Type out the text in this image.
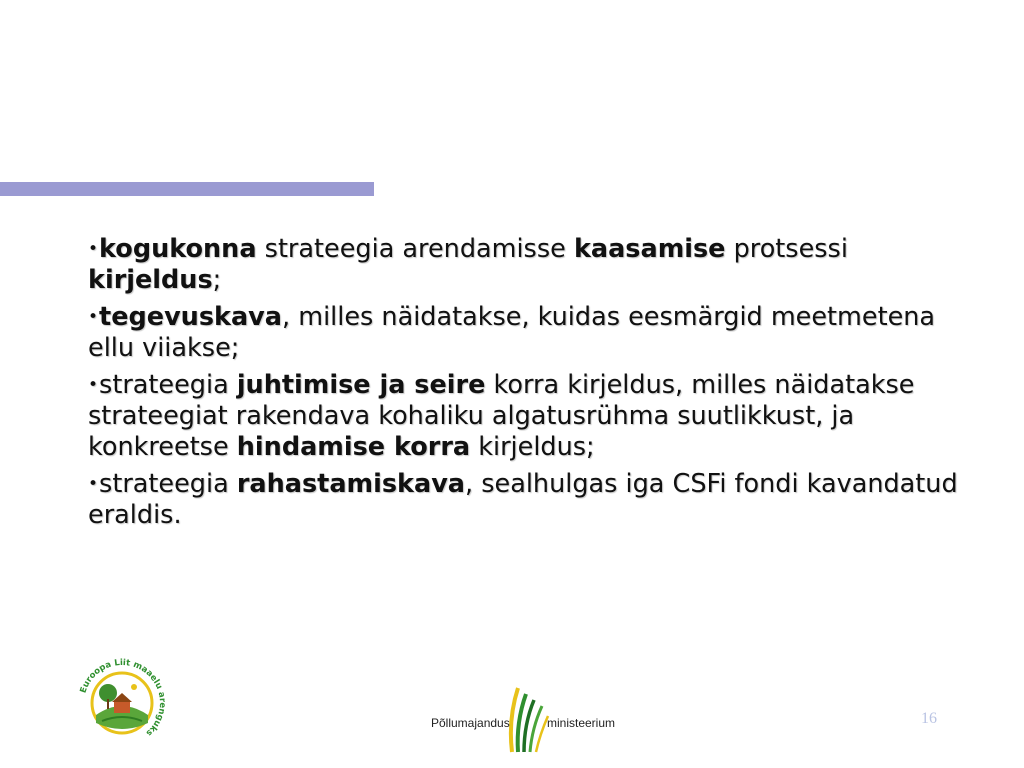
•kogukonna strateegia arendamisse kaasamise protsessi kirjeldus;
•tegevuskava, milles näidatakse, kuidas eesmärgid meetmetena ellu viiakse;
•strateegia juhtimise ja seire korra kirjeldus, milles näidatakse strateegiat rakendava kohaliku algatusrühma suutlikkust, ja konkreetse hindamise korra kirjeldus;
•strateegia rahastamiskava, sealhulgas iga CSFi fondi kavandatud eraldis.
16
Euroopa Liit maaelu arenguks
Põllumajandus	ministeerium
